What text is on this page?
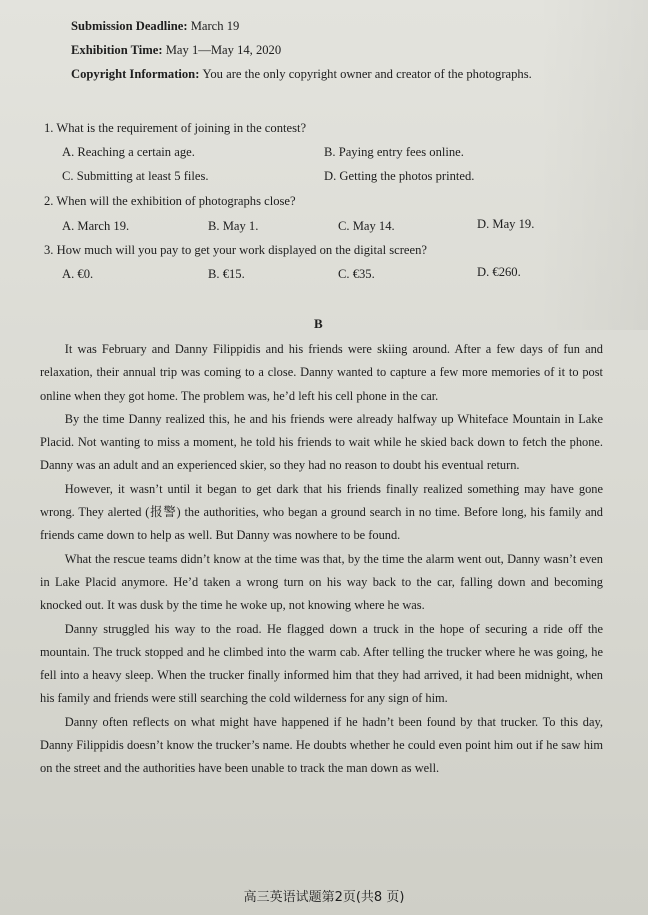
Submission Deadline: March 19
Exhibition Time: May 1—May 14, 2020
Copyright Information: You are the only copyright owner and creator of the photographs.
1. What is the requirement of joining in the contest?
A. Reaching a certain age.	B. Paying entry fees online.
C. Submitting at least 5 files.	D. Getting the photos printed.
2. When will the exhibition of photographs close?
A. March 19.	B. May 1.	C. May 14.	D. May 19.
3. How much will you pay to get your work displayed on the digital screen?
A. €0.	B. €15.	C. €35.	D. €260.
B

It was February and Danny Filippidis and his friends were skiing around. After a few days of fun and relaxation, their annual trip was coming to a close. Danny wanted to capture a few more memories of it to post online when they got home. The problem was, he’d left his cell phone in the car.

By the time Danny realized this, he and his friends were already halfway up Whiteface Mountain in Lake Placid. Not wanting to miss a moment, he told his friends to wait while he skied back down to fetch the phone. Danny was an adult and an experienced skier, so they had no reason to doubt his eventual return.

However, it wasn’t until it began to get dark that his friends finally realized something may have gone wrong. They alerted (报警) the authorities, who began a ground search in no time. Before long, his family and friends came down to help as well. But Danny was nowhere to be found.

What the rescue teams didn’t know at the time was that, by the time the alarm went out, Danny wasn’t even in Lake Placid anymore. He’d taken a wrong turn on his way back to the car, falling down and becoming knocked out. It was dusk by the time he woke up, not knowing where he was.

Danny struggled his way to the road. He flagged down a truck in the hope of securing a ride off the mountain. The truck stopped and he climbed into the warm cab. After telling the trucker where he was going, he fell into a heavy sleep. When the trucker finally informed him that they had arrived, it had been midnight, when his family and friends were still searching the cold wilderness for any sign of him.

Danny often reflects on what might have happened if he hadn’t been found by that trucker. To this day, Danny Filippidis doesn’t know the trucker’s name. He doubts whether he could even point him out if he saw him on the street and the authorities have been unable to track the man down as well.

高三英语试题第2页(共8 页)
